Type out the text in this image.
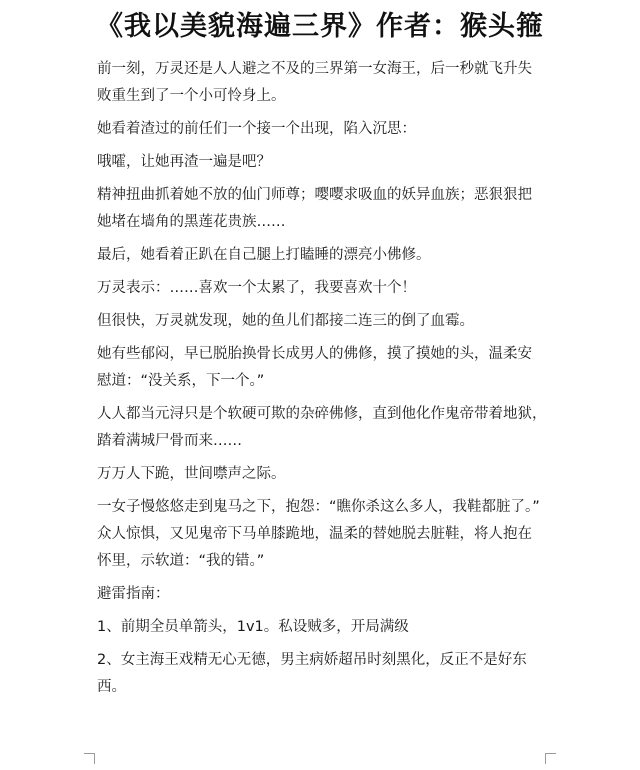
《我以美貌海遍三界》作者：猴头箍
前一刻，万灵还是人人避之不及的三界第一女海王，后一秒就飞升失
败重生到了一个小可怜身上。
她看着渣过的前任们一个接一个出现，陷入沉思：
哦嚯，让她再渣一遍是吧？
精神扭曲抓着她不放的仙门师尊；嘤嘤求吸血的妖异血族；恶狠狠把
她堵在墙角的黑莲花贵族……
最后，她看着正趴在自己腿上打瞌睡的漂亮小佛修。
万灵表示：……喜欢一个太累了，我要喜欢十个！
但很快，万灵就发现，她的鱼儿们都接二连三的倒了血霉。
她有些郁闷，早已脱胎换骨长成男人的佛修，摸了摸她的头，温柔安
慰道：“没关系，下一个。”
人人都当元浔只是个软硬可欺的杂碎佛修，直到他化作鬼帝带着地狱，
踏着满城尸骨而来……
万万人下跪，世间噤声之际。
一女子慢悠悠走到鬼马之下，抱怨：“瞧你杀这么多人，我鞋都脏了。”
众人惊惧，又见鬼帝下马单膝跪地，温柔的替她脱去脏鞋，将人抱在
怀里，示软道：“我的错。”
避雷指南：
1、前期全员单箭头，1v1。私设贼多，开局满级
2、女主海王戏精无心无德，男主病娇超吊时刻黑化，反正不是好东
西。
